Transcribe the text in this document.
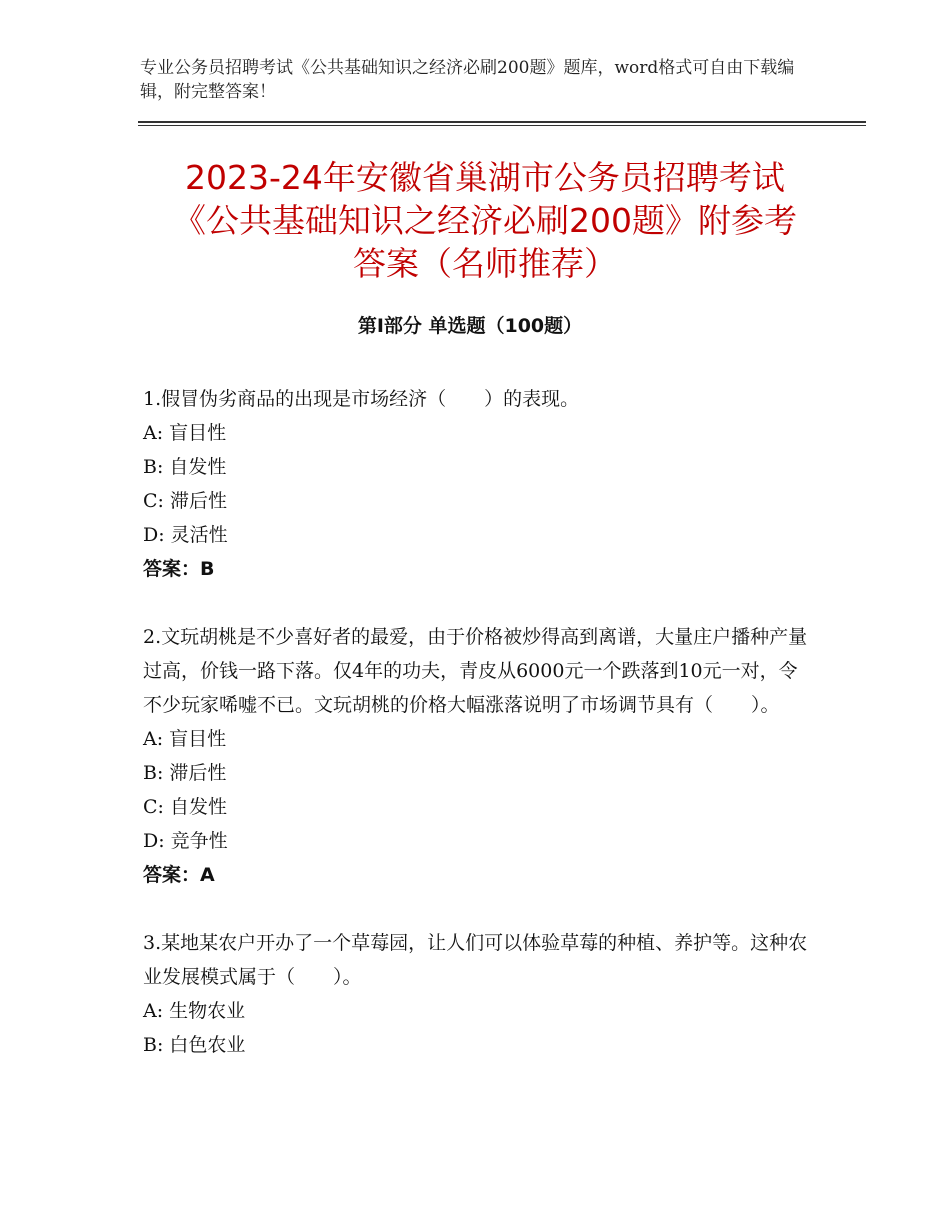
专业公务员招聘考试《公共基础知识之经济必刷200题》题库，word格式可自由下载编辑，附完整答案！
2023-24年安徽省巢湖市公务员招聘考试
《公共基础知识之经济必刷200题》附参考
答案（名师推荐）
第Ⅰ部分 单选题（100题）

1.假冒伪劣商品的出现是市场经济（　　）的表现。

A: 盲目性

B: 自发性

C: 滞后性

D: 灵活性

答案：B

2.文玩胡桃是不少喜好者的最爱，由于价格被炒得高到离谱，大量庄户播种产量过高，价钱一路下落。仅4年的功夫，青皮从6000元一个跌落到10元一对，令不少玩家唏嘘不已。文玩胡桃的价格大幅涨落说明了市场调节具有（　　）。

A: 盲目性

B: 滞后性

C: 自发性

D: 竞争性

答案：A

3.某地某农户开办了一个草莓园，让人们可以体验草莓的种植、养护等。这种农业发展模式属于（　　）。

A: 生物农业

B: 白色农业
